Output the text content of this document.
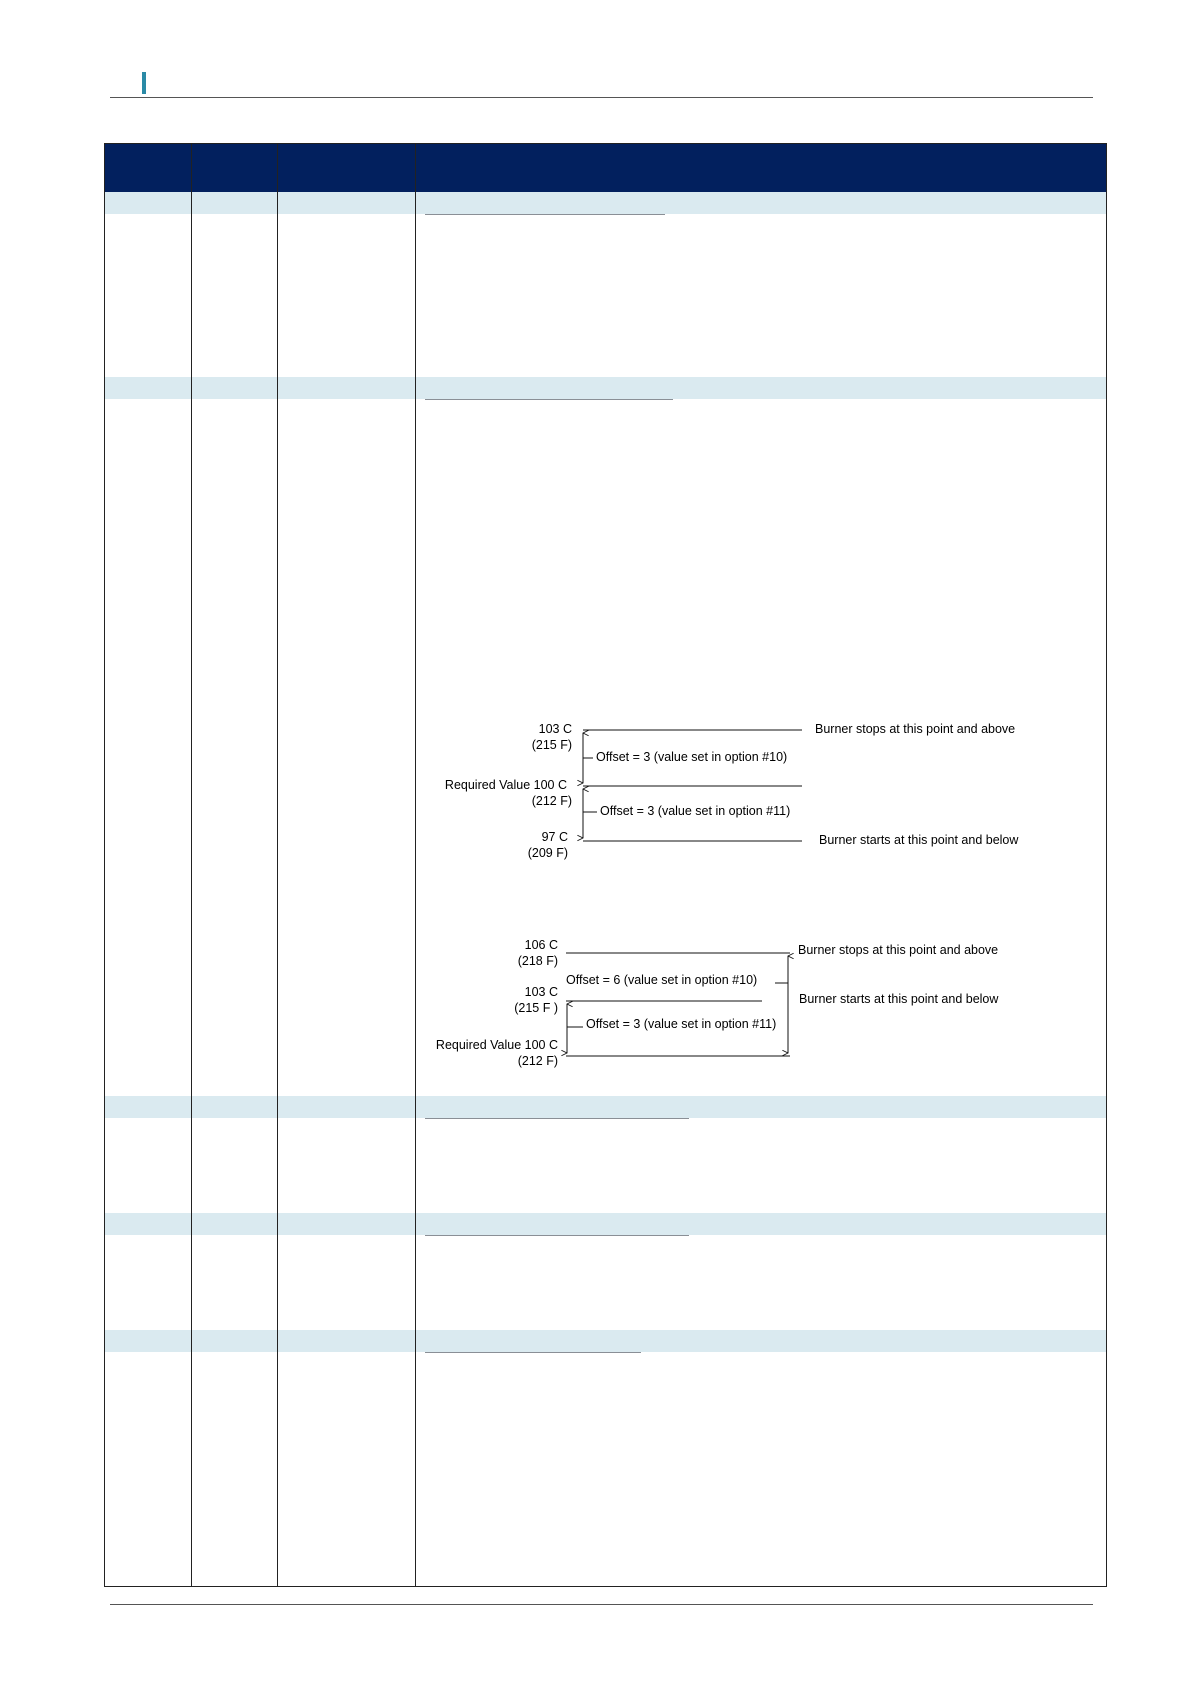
103 C
(215 F)
Required Value 100 C
(212 F)
97 C
(209 F)
Offset = 3 (value set in option #10)
Offset = 3 (value set in option #11)
Burner stops at this point and above
Burner starts at this point and below
106 C
(218 F)
103 C
(215 F )
Required Value 100 C
(212 F)
Offset = 6 (value set in option #10)
Offset = 3 (value set in option #11)
Burner stops at this point and above
Burner starts at this point and below
